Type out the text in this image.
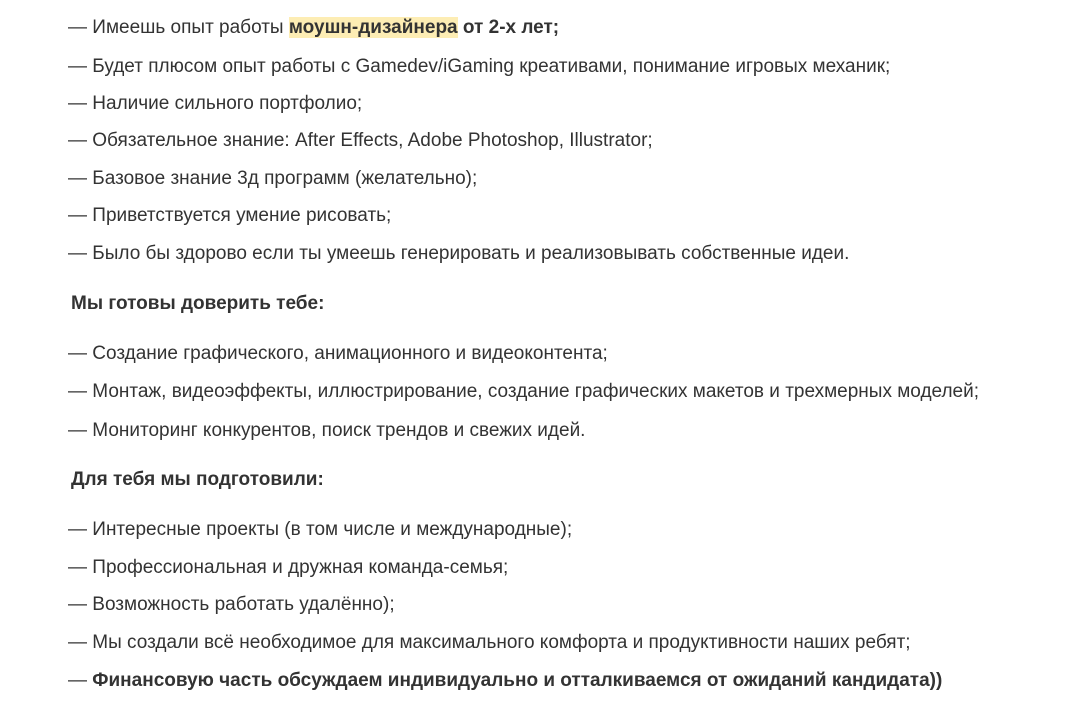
— Имеешь опыт работы моушн-дизайнера от 2-х лет;
— Будет плюсом опыт работы с Gamedev/iGaming креативами, понимание игровых механик;
— Наличие сильного портфолио;
— Обязательное знание: After Effects, Adobe Photoshop, Illustrator;
— Базовое знание 3д программ (желательно);
— Приветствуется умение рисовать;
— Было бы здорово если ты умеешь генерировать и реализовывать собственные идеи.
Мы готовы доверить тебе:
— Создание графического, анимационного и видеоконтента;
— Монтаж, видеоэффекты, иллюстрирование, создание графических макетов и трехмерных моделей;
— Мониторинг конкурентов, поиск трендов и свежих идей.
Для тебя мы подготовили:
— Интересные проекты (в том числе и международные);
— Профессиональная и дружная команда-семья;
— Возможность работать удалённо);
— Мы создали всё необходимое для максимального комфорта и продуктивности наших ребят;
— Финансовую часть обсуждаем индивидуально и отталкиваемся от ожиданий кандидата))
